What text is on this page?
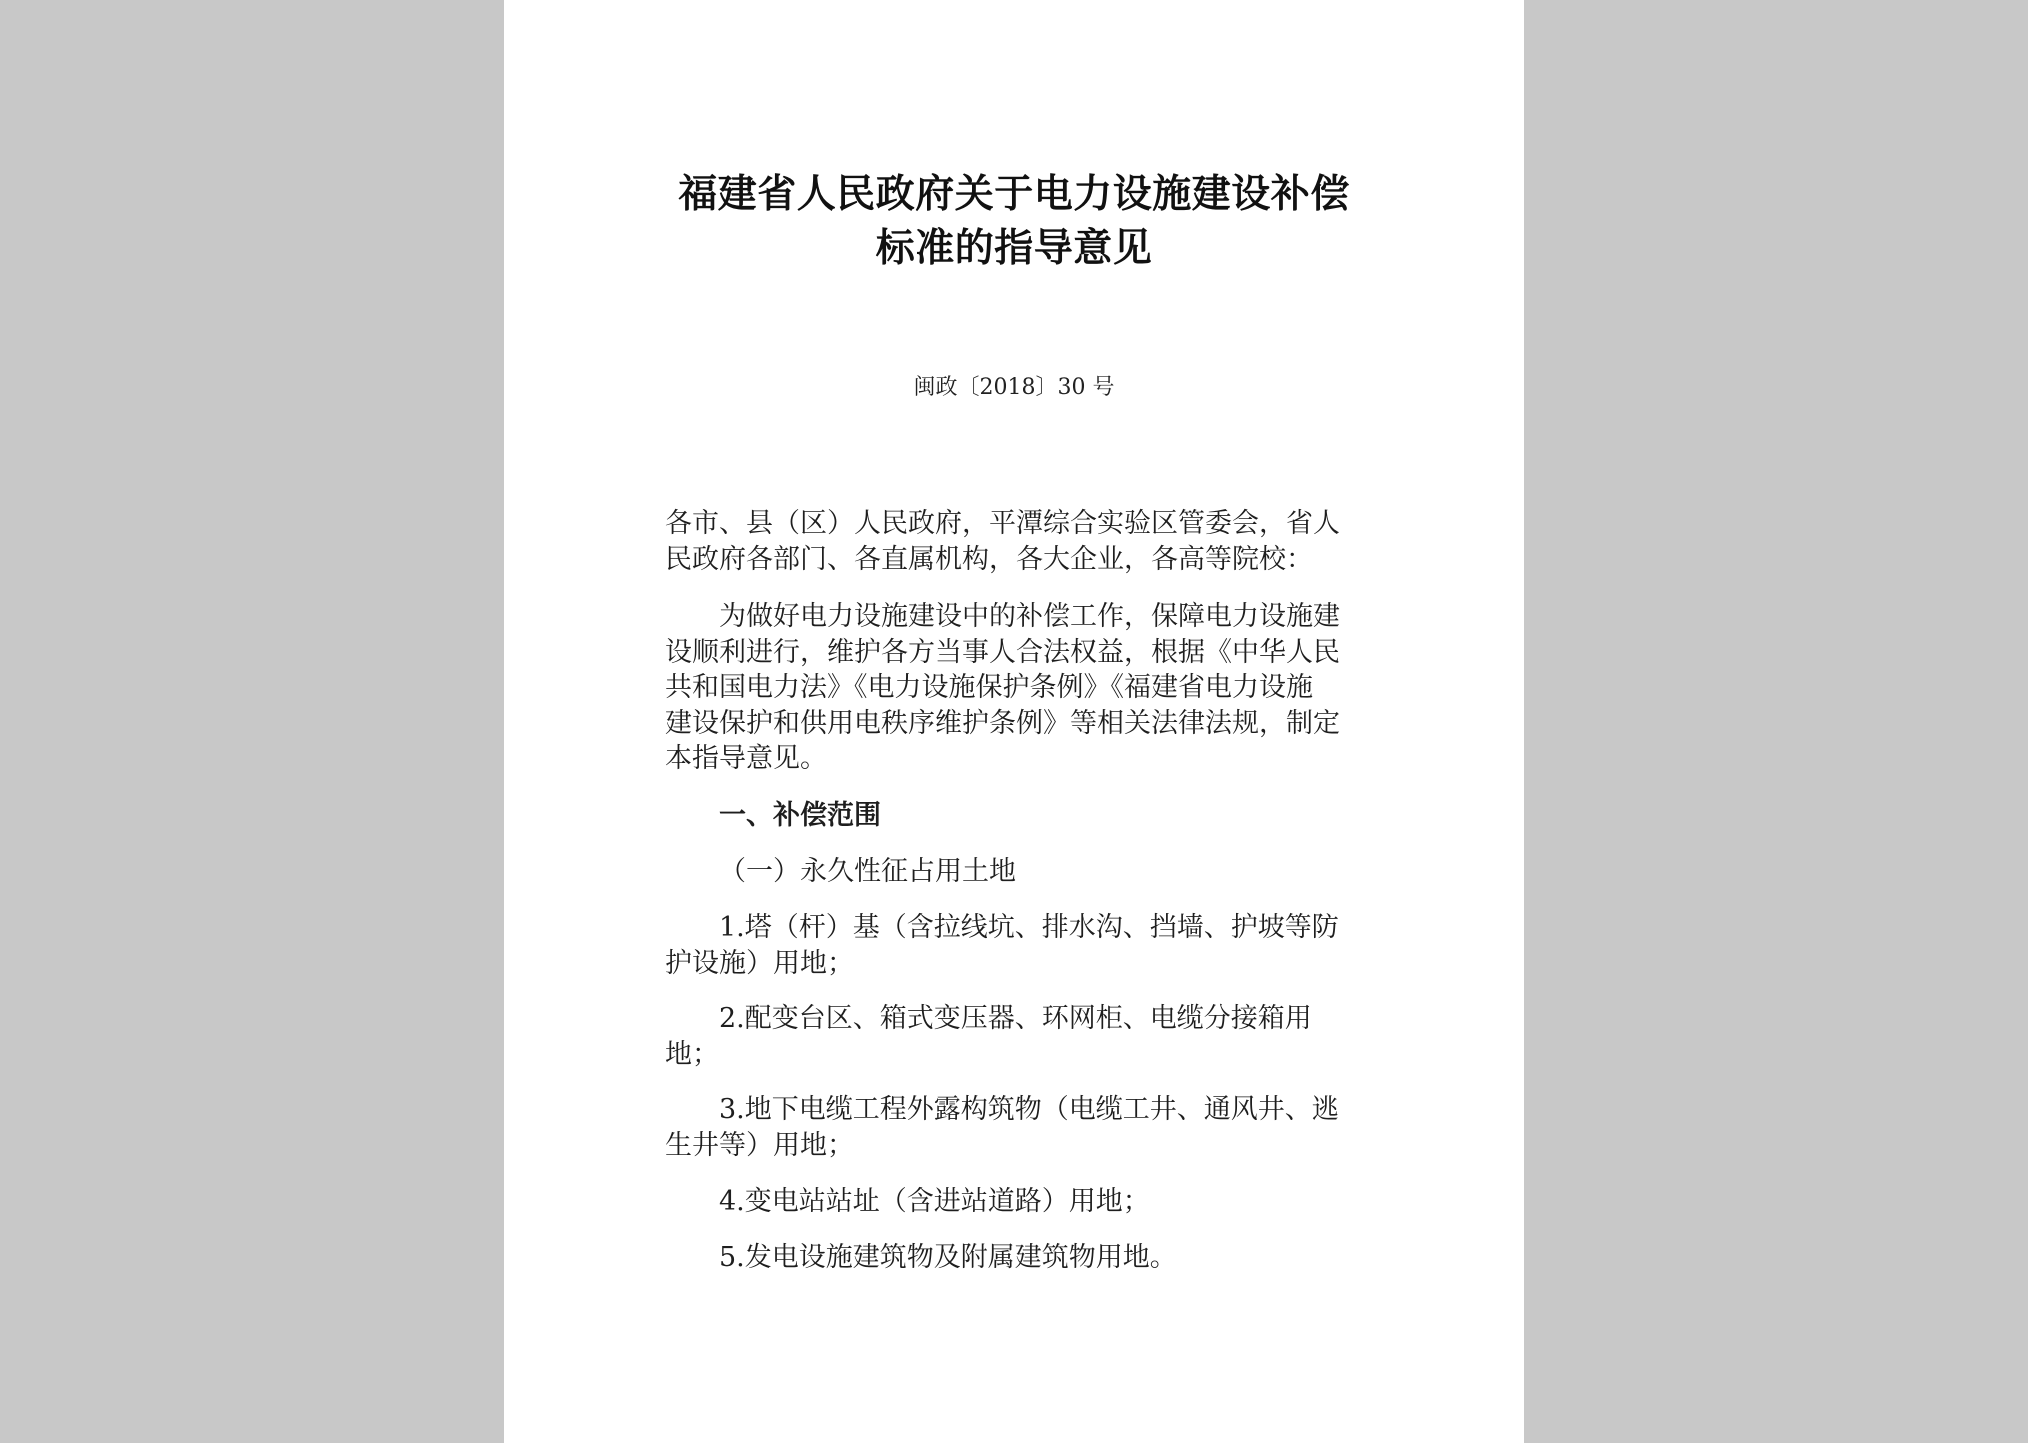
福建省人民政府关于电力设施建设补偿
标准的指导意见
闽政〔2018〕30 号
各市、县（区）人民政府，平潭综合实验区管委会，省人
民政府各部门、各直属机构，各大企业，各高等院校：
为做好电力设施建设中的补偿工作，保障电力设施建
设顺利进行，维护各方当事人合法权益，根据《中华人民
共和国电力法》《电力设施保护条例》《福建省电力设施
建设保护和供用电秩序维护条例》等相关法律法规，制定
本指导意见。
一、补偿范围
（一）永久性征占用土地
1.塔（杆）基（含拉线坑、排水沟、挡墙、护坡等防
护设施）用地；
2.配变台区、箱式变压器、环网柜、电缆分接箱用
地；
3.地下电缆工程外露构筑物（电缆工井、通风井、逃
生井等）用地；
4.变电站站址（含进站道路）用地；
5.发电设施建筑物及附属建筑物用地。
